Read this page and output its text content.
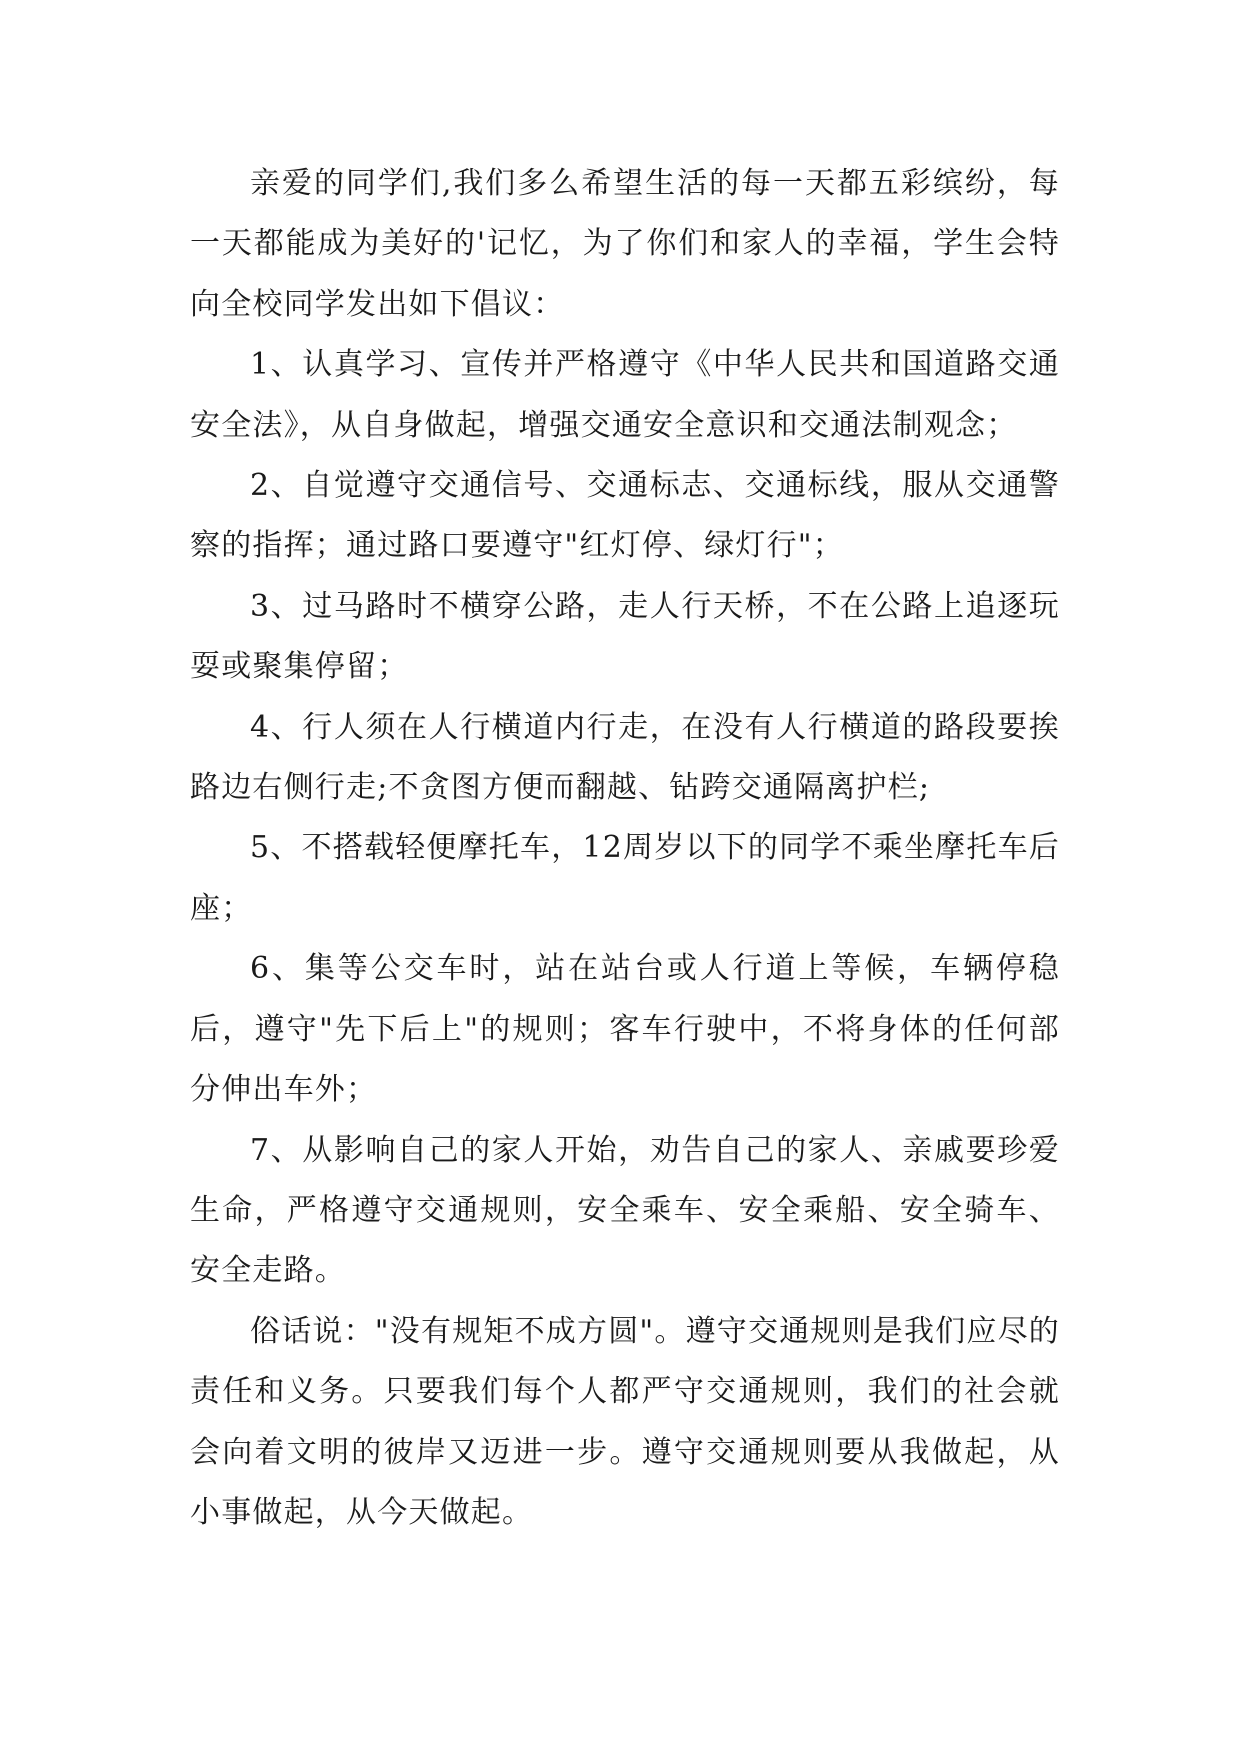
亲爱的同学们,我们多么希望生活的每一天都五彩缤纷，每一天都能成为美好的'记忆，为了你们和家人的幸福，学生会特向全校同学发出如下倡议：

1、认真学习、宣传并严格遵守《中华人民共和国道路交通安全法》，从自身做起，增强交通安全意识和交通法制观念；

2、自觉遵守交通信号、交通标志、交通标线，服从交通警察的指挥；通过路口要遵守"红灯停、绿灯行"；

3、过马路时不横穿公路，走人行天桥，不在公路上追逐玩耍或聚集停留；

4、行人须在人行横道内行走，在没有人行横道的路段要挨路边右侧行走;不贪图方便而翻越、钻跨交通隔离护栏;

5、不搭载轻便摩托车，12周岁以下的同学不乘坐摩托车后座；

6、集等公交车时，站在站台或人行道上等候，车辆停稳后，遵守"先下后上"的规则；客车行驶中，不将身体的任何部分伸出车外；

7、从影响自己的家人开始，劝告自己的家人、亲戚要珍爱生命，严格遵守交通规则，安全乘车、安全乘船、安全骑车、安全走路。

俗话说："没有规矩不成方圆"。遵守交通规则是我们应尽的责任和义务。只要我们每个人都严守交通规则，我们的社会就会向着文明的彼岸又迈进一步。遵守交通规则要从我做起，从小事做起，从今天做起。
